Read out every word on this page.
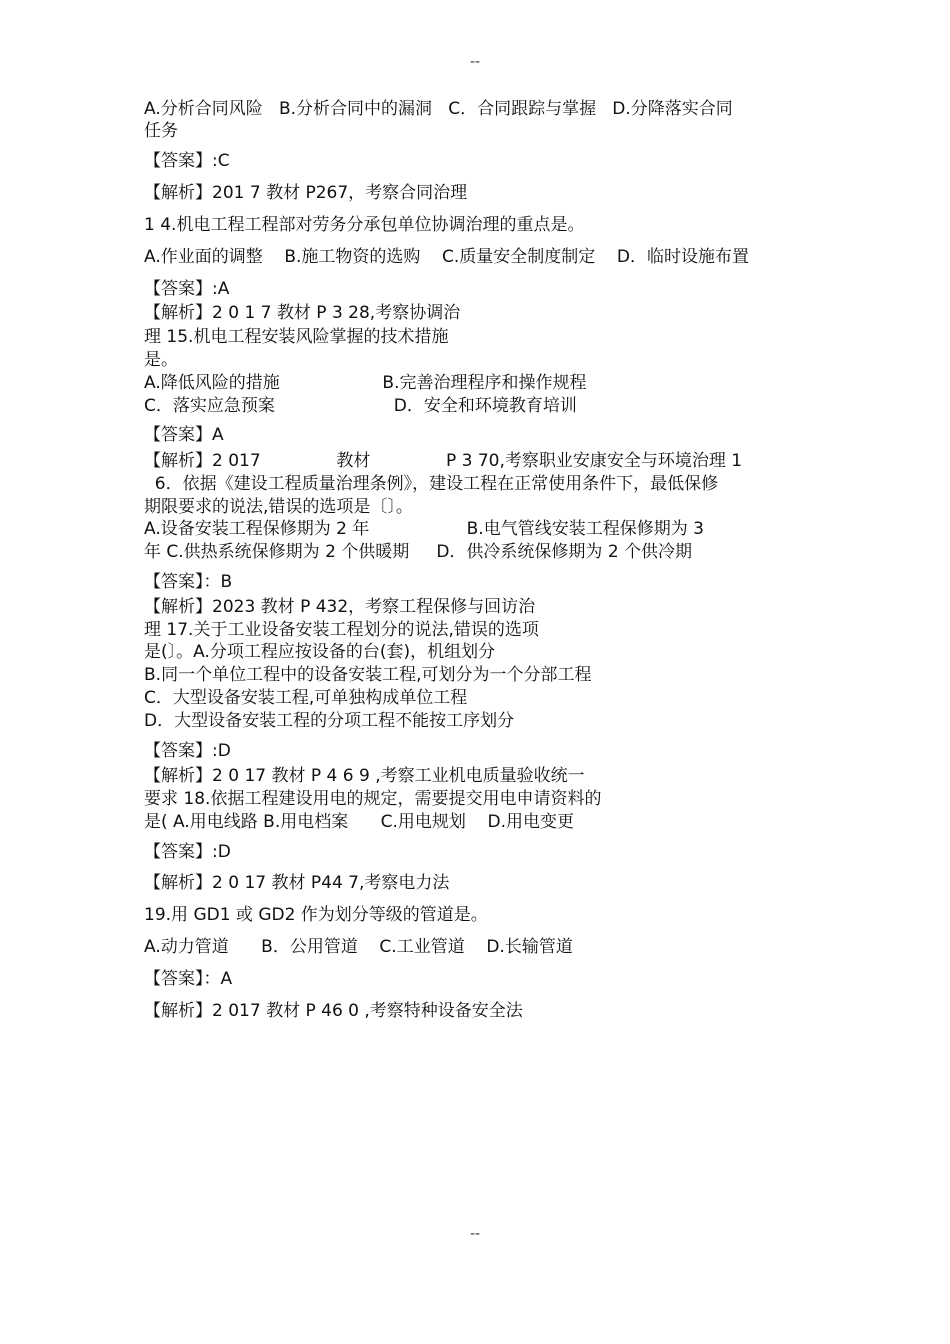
--
A.分析合同风险   B.分析合同中的漏洞   C．合同跟踪与掌握   D.分降落实合同
任务
【答案】:C
【解析】201 7 教材 P267，考察合同治理
1 4.机电工程工程部对劳务分承包单位协调治理的重点是。
A.作业面的调整    B.施工物资的选购    C.质量安全制度制定    D．临时设施布置
【答案】:A
【解析】2 0 1 7 教材 P 3 28,考察协调治
理 15.机电工程安装风险掌握的技术措施
是。
A.降低风险的措施                   B.完善治理程序和操作规程
C．落实应急预案                      D．安全和环境教育培训
【答案】A
【解析】2 017              教材              P 3 70,考察职业安康安全与环境治理 1
6．依据《建设工程质量治理条例》，建设工程在正常使用条件下，最低保修
期限要求的说法,错误的选项是〔〕。
A.设备安装工程保修期为 2 年                  B.电气管线安装工程保修期为 3
年 C.供热系统保修期为 2 个供暖期     D．供冷系统保修期为 2 个供冷期
【答案】：B
【解析】2023 教材 P 432，考察工程保修与回访治
理 17.关于工业设备安装工程划分的说法,错误的选项
是(〕。A.分项工程应按设备的台(套)，机组划分
B.同一个单位工程中的设备安装工程,可划分为一个分部工程
C．大型设备安装工程,可单独构成单位工程
D．大型设备安装工程的分项工程不能按工序划分
【答案】:D
【解析】2 0 17 教材 P 4 6 9 ,考察工业机电质量验收统一
要求 18.依据工程建设用电的规定，需要提交用电申请资料的
是( A.用电线路 B.用电档案      C.用电规划    D.用电变更
【答案】:D
【解析】2 0 17 教材 P44 7,考察电力法
19.用 GD1 或 GD2 作为划分等级的管道是。
A.动力管道      B．公用管道    C.工业管道    D.长输管道
【答案】：A
【解析】2 017 教材 P 46 0 ,考察特种设备安全法
--
